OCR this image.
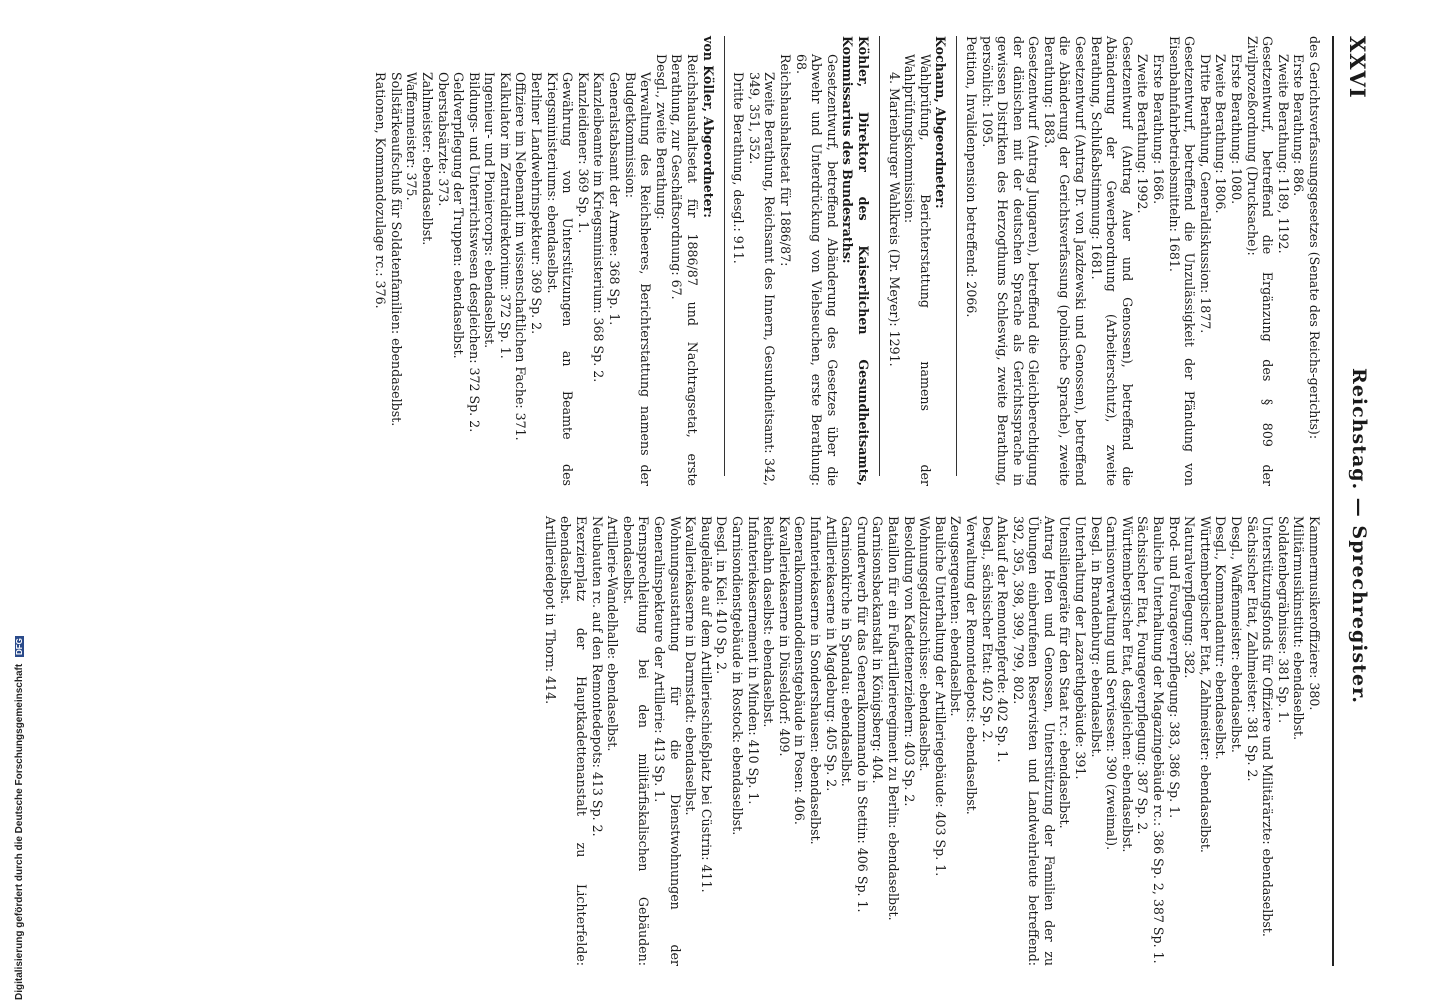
XXVI
Reichstag. — Sprechregister.

des Gerichtsverfassungsgesetzes (Senate des Reichs-gerichts):

Erste Berathung: 886.

Zweite Berathung: 1189, 1192.

Gesetzentwurf, betreffend die Ergänzung des § 809 der Zivilprozeßordnung (Drucksache):

Erste Berathung: 1080.

Zweite Berathung: 1806.

Dritte Berathung, Generaldiskussion: 1877.

Gesetzentwurf, betreffend die Unzulässigkeit der Pfändung von Eisenbahnfahrbetriebsmitteln: 1681.

Erste Berathung: 1686.

Zweite Berathung: 1992.

Gesetzentwurf (Antrag Auer und Genossen), betreffend die Abänderung der Gewerbeordnung (Arbeiterschutz), zweite Berathung, Schlußabstimmung: 1681.

Gesetzentwurf (Antrag Dr. von Jazdzewski und Genossen), betreffend die Abänderung der Gerichtsverfassung (polnische Sprache), zweite Berathung: 1883.

Gesetzentwurf (Antrag Jungaren), betreffend die Gleichberechtigung der dänischen mit der deutschen Sprache als Gerichtssprache in gewissen Distrikten des Herzogthums Schleswig, zweite Berathung, persönlich: 1095.

Petition, Invalidenpension betreffend: 2066.

Kochann, Abgeordneter:

Wahlprüfung, Berichterstattung namens der Wahlprüfungskommission:

4. Marienburger Wahlkreis (Dr. Meyer): 1291.

Köhler, Direktor des Kaiserlichen Gesundheitsamts, Kommissarius des Bundesraths:

Gesetzentwurf, betreffend Abänderung des Gesetzes über die Abwehr und Unterdrückung von Viehseuchen, erste Berathung: 68.

Reichshaushaltsetat für 1886/87:

Zweite Berathung, Reichsamt des Innern, Gesundheitsamt: 342, 349, 351, 352.

Dritte Berathung, desgl.: 911.

von Köller, Abgeordneter:

Reichshaushaltsetat für 1886/87 und Nachtragsetat, erste Berathung, zur Geschäftsordnung: 67.

Desgl., zweite Berathung:

Verwaltung des Reichsheeres, Berichterstattung namens der Budgetkommission:

Generalstabsamt der Armee: 368 Sp. 1.

Kanzleibeamte im Kriegsministerium: 368 Sp. 2.

Kanzleidiener: 369 Sp. 1.

Gewährung von Unterstützungen an Beamte des Kriegsministeriums: ebendaselbst.

Berliner Landwehrinspekteur: 369 Sp. 2.

Offiziere im Nebenamt im wissenschaftlichen Fache: 371.

Kalkulator im Zentraldirektorium: 372 Sp. 1.

Ingenieur- und Pioniercorps: ebendaselbst.

Bildungs- und Unterrichtswesen desgleichen: 372 Sp. 2.

Geldverpflegung der Truppen: ebendaselbst.

Oberstabsärzte: 373.

Zahlmeister: ebendaselbst.

Waffenmeister: 375.

Sollstärkeaufschuß für Soldatenfamilien: ebendaselbst.

Rationen, Kommandozulage rc.: 376.

Kammermusikeroffiziere: 380.

Militärmusikinstitut: ebendaselbst.

Soldatenbegräbnisse: 381 Sp. 1.

Unterstützungsfonds für Offiziere und Militärärzte: ebendaselbst.

Sächsischer Etat, Zahlmeister: 381 Sp. 2.

Desgl., Waffenmeister: ebendaselbst.

Desgl., Kommandantur: ebendaselbst.

Württembergischer Etat, Zahlmeister: ebendaselbst.

Naturalverpflegung: 382.

Brod- und Fourageverpflegung: 383, 386 Sp. 1.

Bauliche Unterhaltung der Magazingebäude rc.: 386 Sp. 2, 387 Sp. 1.

Sächsischer Etat, Fourageverpflegung: 387 Sp. 2.

Württembergischer Etat, desgleichen: ebendaselbst.

Garnisonverwaltung und Servisesen: 390 (zweimal).

Desgl. in Brandenburg: ebendaselbst.

Unterhaltung der Lazarethgebäude: 391.

Utensiliengeräte für den Staat rc.: ebendaselbst.

Antrag Hoen und Genossen, Unterstützung der Familien der zu Übungen einberufenen Reservisten und Landwehrleute betreffend: 392, 395, 398, 399, 799, 802.

Ankauf der Remontepferde: 402 Sp. 1.

Desgl., sächsischer Etat: 402 Sp. 2.

Verwaltung der Remontedepots: ebendaselbst.

Zeugsergeanten: ebendaselbst.

Bauliche Unterhaltung der Artilleriegebäude: 403 Sp. 1.

Wohnungsgeldzuschüsse: ebendaselbst.

Besoldung von Kadettenerziehern: 403 Sp. 2.

Bataillon für ein Fußartillerieregiment zu Berlin: ebendaselbst.

Garnisonsbackanstalt in Königsberg: 404.

Grunderwerb für das Generalkommando in Stettin: 406 Sp. 1.

Garnisonkirche in Spandau: ebendaselbst.

Artilleriekaserne in Magdeburg: 405 Sp. 2.

Infanteriekaserne in Sondershausen: ebendaselbst.

Generalkommandodienstgebäude in Posen: 406.

Kavalleriekaserne in Düsseldorf: 409.

Reitbahn daselbst: ebendaselbst.

Infanteriekasernement in Minden: 410 Sp. 1.

Garnisondienstgebäude in Rostock: ebendaselbst.

Desgl. in Kiel: 410 Sp. 2.

Baugelände auf dem Artillerieschießplatz bei Cüstrin: 411.

Kavalleriekaserne in Darmstadt: ebendaselbst.

Wohnungsaustattung für die Dienstwohnungen der Generalinspekteure der Artillerie: 413 Sp. 1.

Fernsprechleitung bei den militärfiskalischen Gebäuden: ebendaselbst.

Artillerie-Wandelhalle: ebendaselbst.

Neubauten rc. auf den Remontedepots: 413 Sp. 2.

Exerzierplatz der Hauptkadettenanstalt zu Lichterfelde: ebendaselbst.

Artilleriedepot in Thorn: 414.

Digitalisierung gefördert durch die Deutsche Forschungsgemeinschaft DFG
